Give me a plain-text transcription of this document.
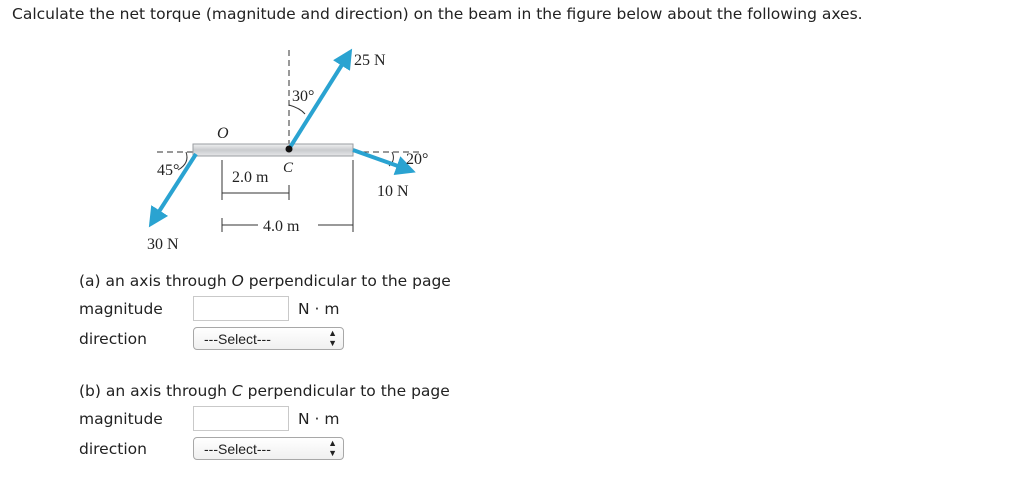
Calculate the net torque (magnitude and direction) on the beam in the figure below about the following axes.
25 N
10 N
30 N
30°
45°
20°
O
C
2.0 m
4.0 m
(a) an axis through O perpendicular to the page
magnitude	N · m
direction	---Select---	▲
▼
(b) an axis through C perpendicular to the page
magnitude	N · m
direction	---Select---	▲
▼
